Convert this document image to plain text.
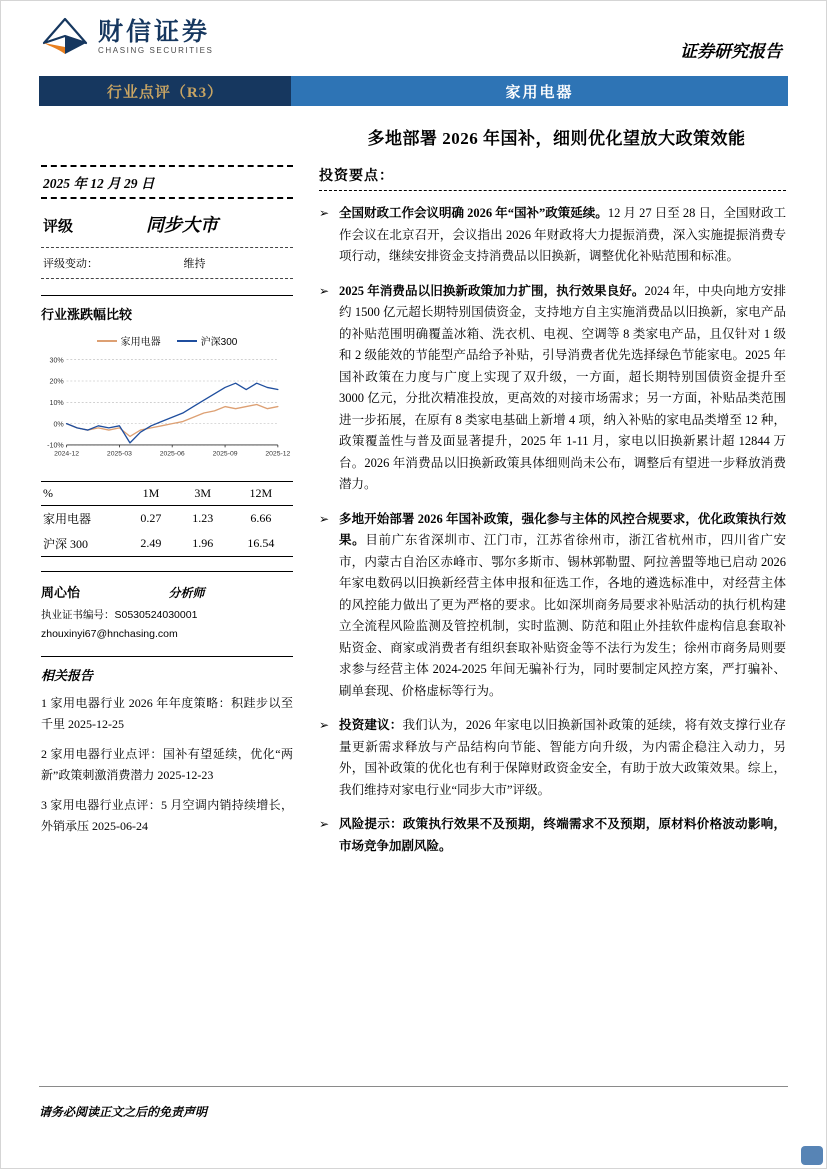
财信证券
CHASING SECURITIES	证券研究报告
行业点评（R3）	家用电器
多地部署 2026 年国补，细则优化望放大政策效能
2025 年 12 月 29 日
评级	同步大市
评级变动：	维持
行业涨跌幅比较
家用电器	沪深300
30%
20%
10%
0%
-10%
2024-12	2025-03	2025-06	2025-09	2025-12
%	1M	3M	12M
家用电器	0.27	1.23	6.66
沪深 300	2.49	1.96	16.54
周心怡	分析师
执业证书编号：S0530524030001
zhouxinyi67@hnchasing.com
相关报告

1 家用电器行业 2026 年年度策略：积跬步以至千里 2025-12-25

2 家用电器行业点评：国补有望延续，优化“两新”政策刺激消费潜力 2025-12-23

3 家用电器行业点评：5 月空调内销持续增长，外销承压 2025-06-24

投资要点：
➢ 全国财政工作会议明确 2026 年“国补”政策延续。12 月 27 日至 28 日，全国财政工作会议在北京召开，会议指出 2026 年财政将大力提振消费，深入实施提振消费专项行动，继续安排资金支持消费品以旧换新，调整优化补贴范围和标准。
➢ 2025 年消费品以旧换新政策加力扩围，执行效果良好。2024 年，中央向地方安排约 1500 亿元超长期特别国债资金，支持地方自主实施消费品以旧换新，家电产品的补贴范围明确覆盖冰箱、洗衣机、电视、空调等 8 类家电产品，且仅针对 1 级和 2 级能效的节能型产品给予补贴，引导消费者优先选择绿色节能家电。2025 年国补政策在力度与广度上实现了双升级，一方面，超长期特别国债资金提升至 3000 亿元，分批次精准投放，更高效的对接市场需求；另一方面，补贴品类范围进一步拓展，在原有 8 类家电基础上新增 4 项，纳入补贴的家电品类增至 12 种，政策覆盖性与普及面显著提升，2025 年 1-11 月，家电以旧换新累计超 12844 万台。2026 年消费品以旧换新政策具体细则尚未公布，调整后有望进一步释放消费潜力。
➢ 多地开始部署 2026 年国补政策，强化参与主体的风控合规要求，优化政策执行效果。目前广东省深圳市、江门市，江苏省徐州市，浙江省杭州市，四川省广安市，内蒙古自治区赤峰市、鄂尔多斯市、锡林郭勒盟、阿拉善盟等地已启动 2026 年家电数码以旧换新经营主体申报和征选工作，各地的遴选标准中，对经营主体的风控能力做出了更为严格的要求。比如深圳商务局要求补贴活动的执行机构建立全流程风险监测及管控机制，实时监测、防范和阻止外挂软件虚构信息套取补贴资金、商家或消费者有组织套取补贴资金等不法行为发生；徐州市商务局则要求参与经营主体 2024-2025 年间无骗补行为，同时要制定风控方案，严打骗补、刷单套现、价格虚标等行为。
➢ 投资建议：我们认为，2026 年家电以旧换新国补政策的延续，将有效支撑行业存量更新需求释放与产品结构向节能、智能方向升级，为内需企稳注入动力，另外，国补政策的优化也有利于保障财政资金安全，有助于放大政策效果。综上，我们维持对家电行业“同步大市”评级。
➢ 风险提示：政策执行效果不及预期，终端需求不及预期，原材料价格波动影响，市场竞争加剧风险。
请务必阅读正文之后的免责声明
